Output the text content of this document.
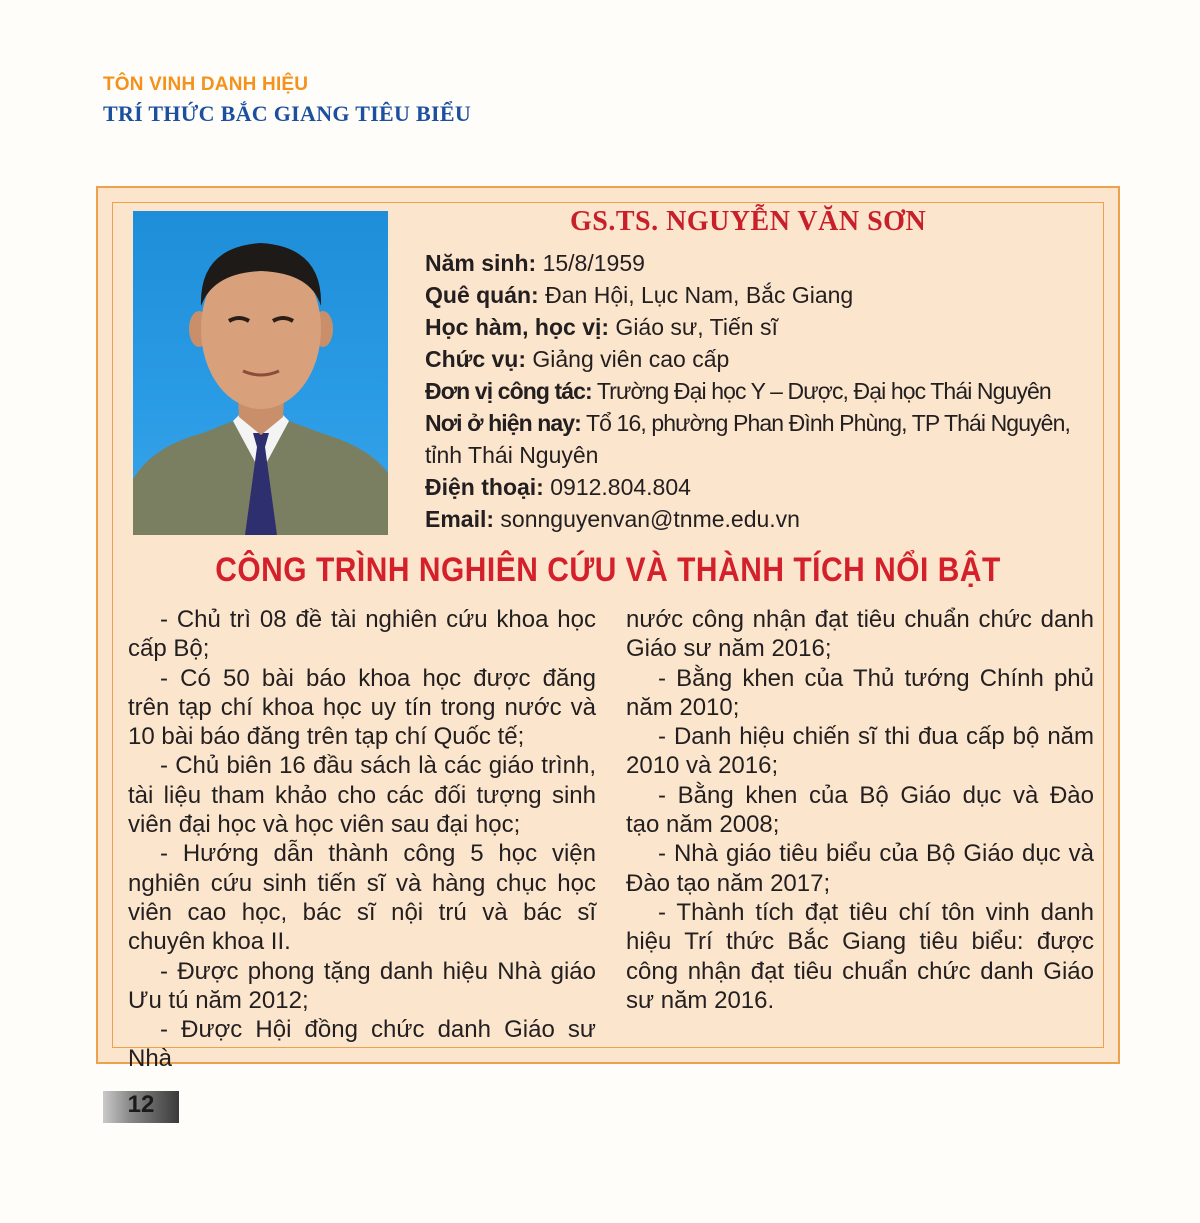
TÔN VINH DANH HIỆU
TRÍ THỨC BẮC GIANG TIÊU BIỂU
GS.TS. NGUYỄN VĂN SƠN
Năm sinh: 15/8/1959
Quê quán: Đan Hội, Lục Nam, Bắc Giang
Học hàm, học vị: Giáo sư, Tiến sĩ
Chức vụ: Giảng viên cao cấp
Đơn vị công tác: Trường Đại học Y – Dược, Đại học Thái Nguyên
Nơi ở hiện nay: Tổ 16, phường Phan Đình Phùng, TP Thái Nguyên,
tỉnh Thái Nguyên
Điện thoại: 0912.804.804
Email: sonnguyenvan@tnme.edu.vn
CÔNG TRÌNH NGHIÊN CỨU VÀ THÀNH TÍCH NỔI BẬT

- Chủ trì 08 đề tài nghiên cứu khoa học cấp Bộ;

- Có 50 bài báo khoa học được đăng trên tạp chí khoa học uy tín trong nước và 10 bài báo đăng trên tạp chí Quốc tế;

- Chủ biên 16 đầu sách là các giáo trình, tài liệu tham khảo cho các đối tượng sinh viên đại học và học viên sau đại học;

- Hướng dẫn thành công 5 học viện nghiên cứu sinh tiến sĩ và hàng chục học viên cao học, bác sĩ nội trú và bác sĩ chuyên khoa II.

- Được phong tặng danh hiệu Nhà giáo Ưu tú năm 2012;

- Được Hội đồng chức danh Giáo sư Nhà

nước công nhận đạt tiêu chuẩn chức danh Giáo sư năm 2016;

- Bằng khen của Thủ tướng Chính phủ năm 2010;

- Danh hiệu chiến sĩ thi đua cấp bộ năm 2010 và 2016;

- Bằng khen của Bộ Giáo dục và Đào tạo năm 2008;

- Nhà giáo tiêu biểu của Bộ Giáo dục và Đào tạo năm 2017;

- Thành tích đạt tiêu chí tôn vinh danh hiệu Trí thức Bắc Giang tiêu biểu: được công nhận đạt tiêu chuẩn chức danh Giáo sư năm 2016.

12
